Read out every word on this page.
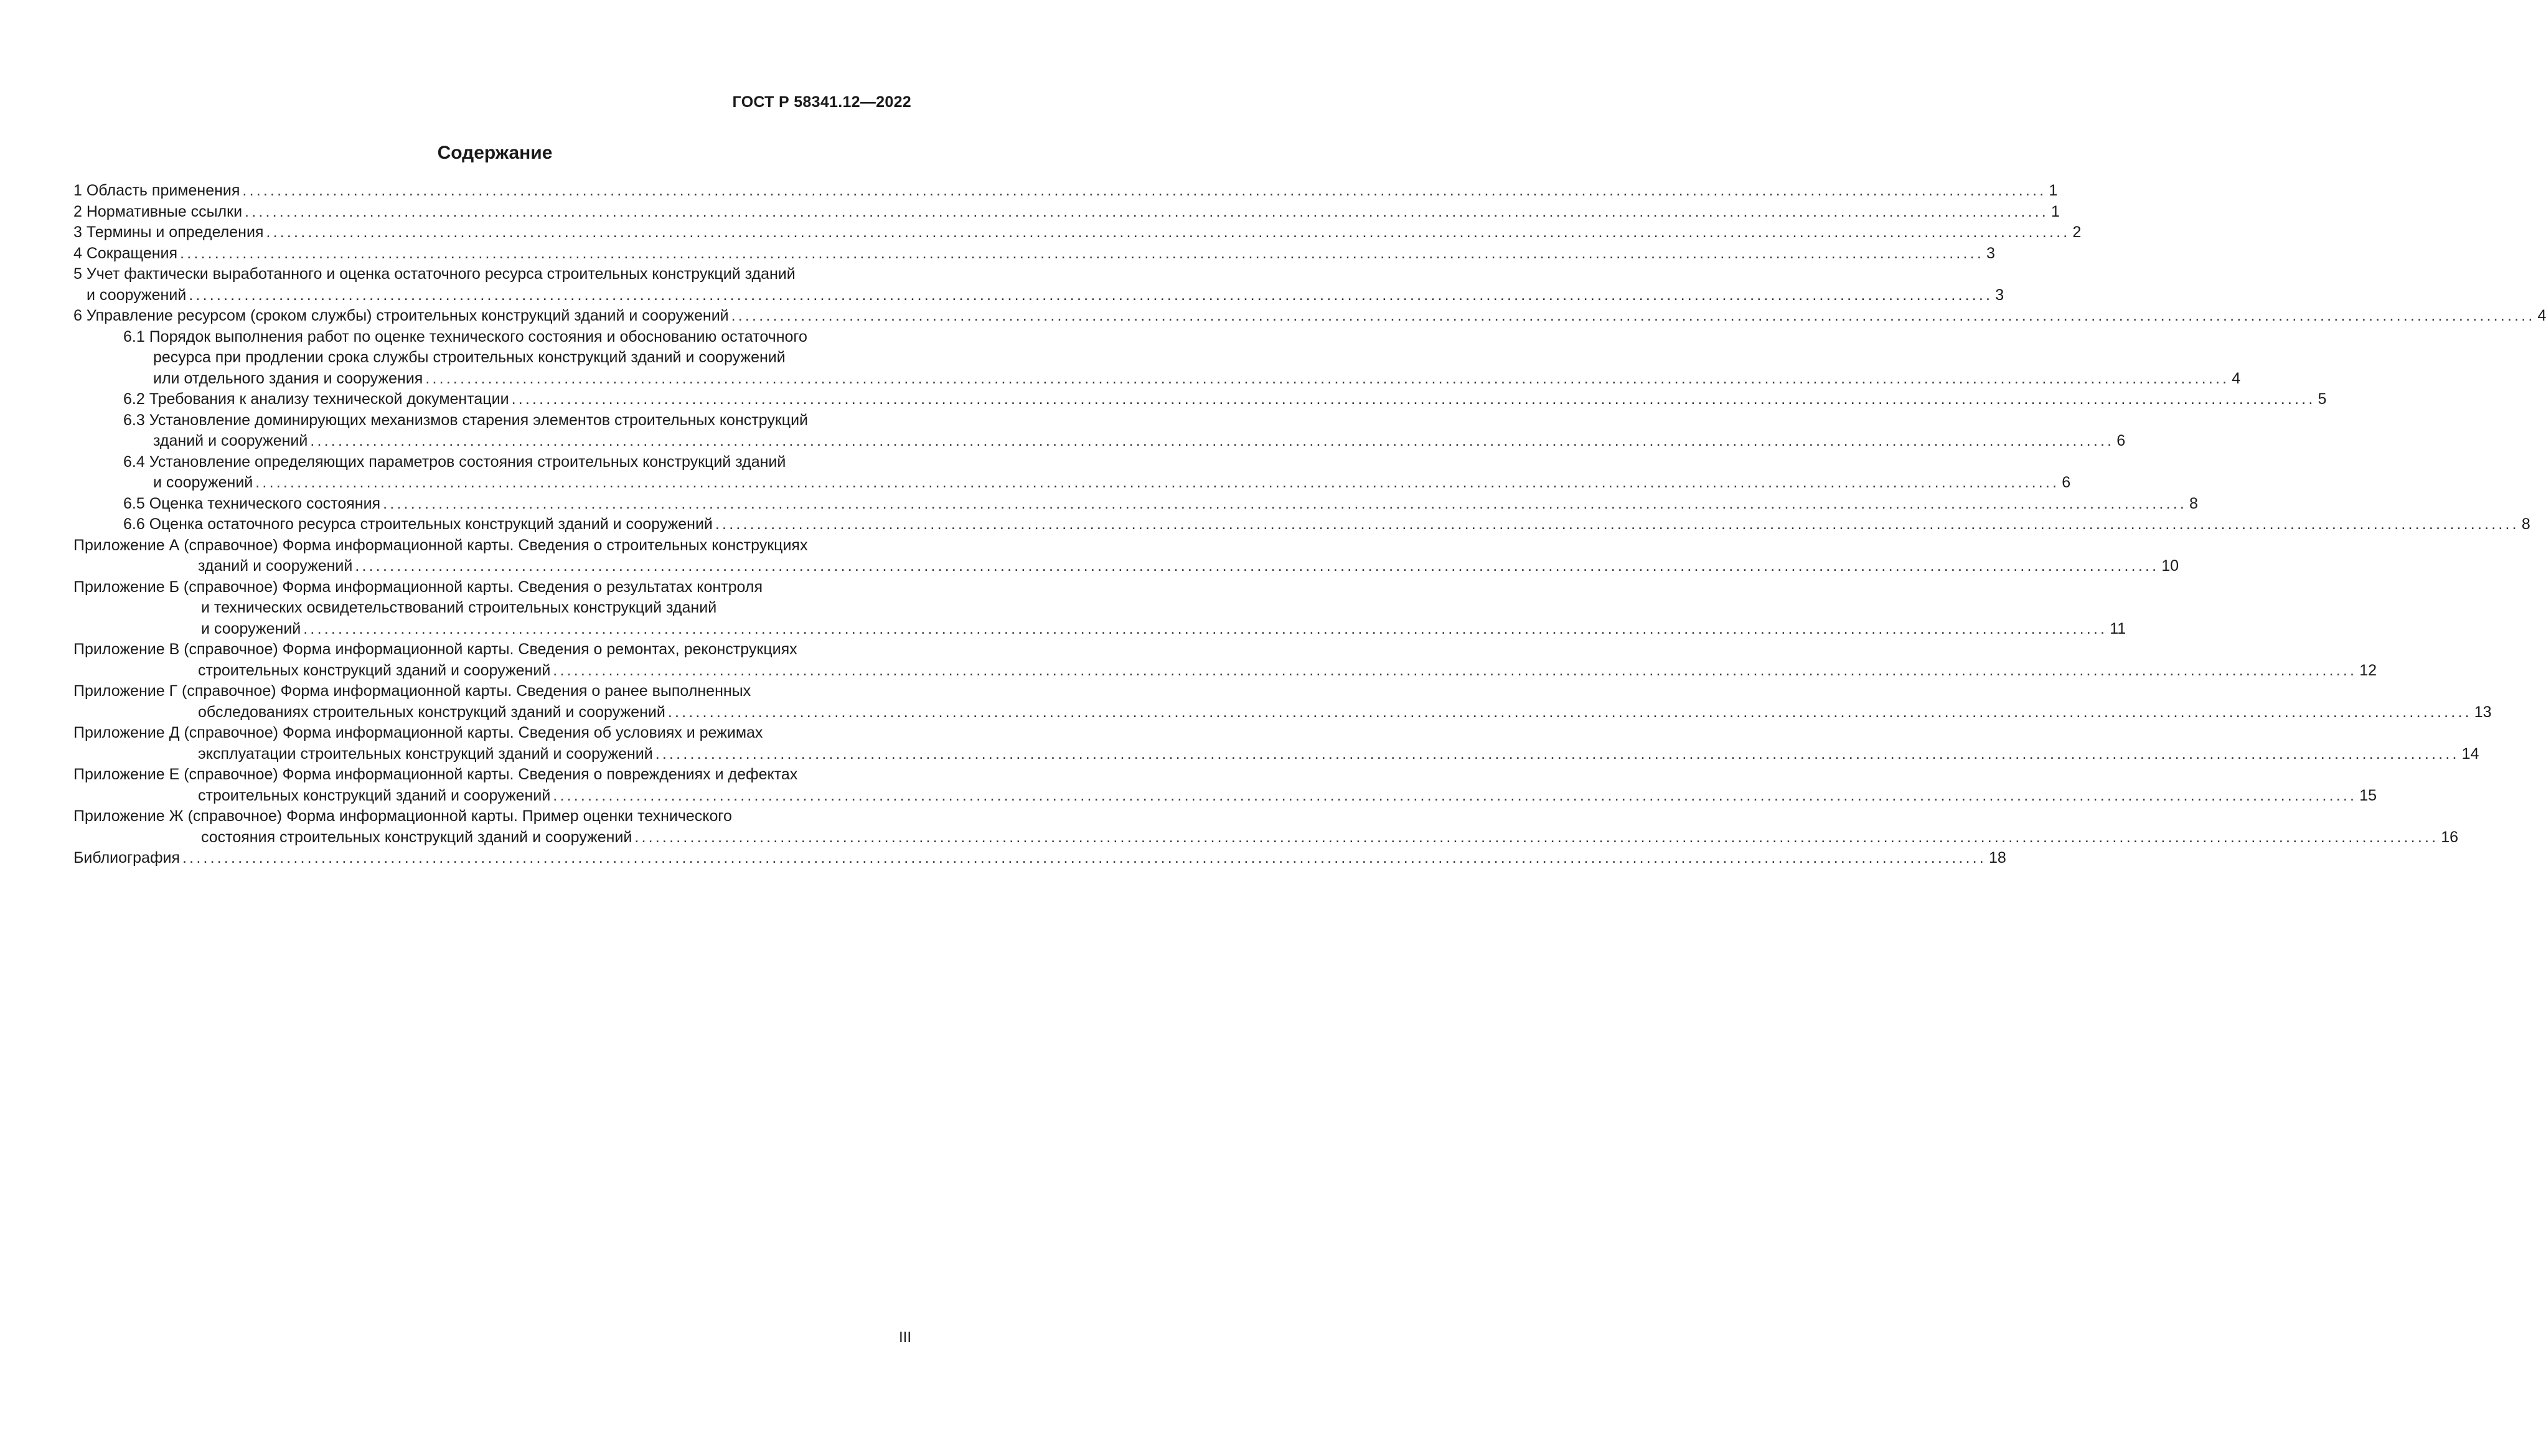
ГОСТ Р 58341.12—2022
Содержание
1 Область применения .................................................................................................................................................................................................................................................................... 1
2 Нормативные ссылки .................................................................................................................................................................................................................................................................... 1
3 Термины и определения .................................................................................................................................................................................................................................................................... 2
4 Сокращения .................................................................................................................................................................................................................................................................... 3
5 Учет фактически выработанного и оценка остаточного ресурса строительных конструкций зданий
и сооружений .................................................................................................................................................................................................................................................................... 3
6 Управление ресурсом (сроком службы) строительных конструкций зданий и сооружений .................................................................................................................................................................................................................................................................... 4
6.1 Порядок выполнения работ по оценке технического состояния и обоснованию остаточного
ресурса при продлении срока службы строительных конструкций зданий и сооружений
или отдельного здания и сооружения .................................................................................................................................................................................................................................................................... 4
6.2 Требования к анализу технической документации .................................................................................................................................................................................................................................................................... 5
6.3 Установление доминирующих механизмов старения элементов строительных конструкций
зданий и сооружений .................................................................................................................................................................................................................................................................... 6
6.4 Установление определяющих параметров состояния строительных конструкций зданий
и сооружений .................................................................................................................................................................................................................................................................... 6
6.5 Оценка технического состояния .................................................................................................................................................................................................................................................................... 8
6.6 Оценка остаточного ресурса строительных конструкций зданий и сооружений .................................................................................................................................................................................................................................................................... 8
Приложение А (справочное) Форма информационной карты. Сведения о строительных конструкциях
зданий и сооружений .................................................................................................................................................................................................................................................................... 10
Приложение Б (справочное) Форма информационной карты. Сведения о результатах контроля
и технических освидетельствований строительных конструкций зданий
и сооружений .................................................................................................................................................................................................................................................................... 11
Приложение В (справочное) Форма информационной карты. Сведения о ремонтах, реконструкциях
строительных конструкций зданий и сооружений .................................................................................................................................................................................................................................................................... 12
Приложение Г (справочное) Форма информационной карты. Сведения о ранее выполненных
обследованиях строительных конструкций зданий и сооружений .................................................................................................................................................................................................................................................................... 13
Приложение Д (справочное) Форма информационной карты. Сведения об условиях и режимах
эксплуатации строительных конструкций зданий и сооружений .................................................................................................................................................................................................................................................................... 14
Приложение Е (справочное) Форма информационной карты. Сведения о повреждениях и дефектах
строительных конструкций зданий и сооружений .................................................................................................................................................................................................................................................................... 15
Приложение Ж (справочное) Форма информационной карты. Пример оценки технического
состояния строительных конструкций зданий и сооружений .................................................................................................................................................................................................................................................................... 16
Библиография .................................................................................................................................................................................................................................................................... 18
III
